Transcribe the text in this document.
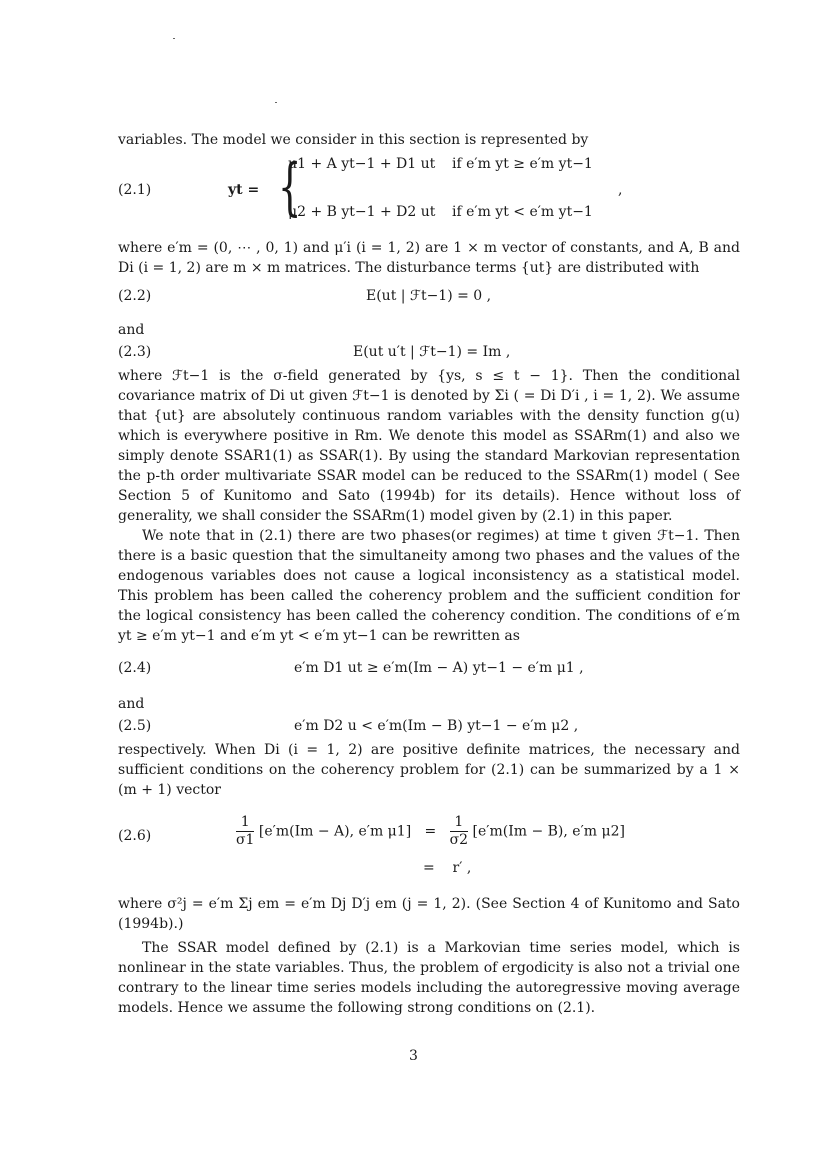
variables. The model we consider in this section is represented by

(2.1)	yt = {
μ1 + A yt−1 + D1 ut if e′m yt ≥ e′m yt−1
μ2 + B yt−1 + D2 ut if e′m yt < e′m yt−1
,

where e′m = (0, ⋯ , 0, 1) and μ′i (i = 1, 2) are 1 × m vector of constants, and A, B and Di (i = 1, 2) are m × m matrices. The disturbance terms {ut} are distributed with

(2.2)	E(ut | ℱt−1) = 0 ,

and

(2.3)	E(ut u′t | ℱt−1) = Im ,

where ℱt−1 is the σ-field generated by {ys, s ≤ t − 1}. Then the conditional covariance matrix of Di ut given ℱt−1 is denoted by Σi ( = Di D′i , i = 1, 2). We assume that {ut} are absolutely continuous random variables with the density function g(u) which is everywhere positive in Rm. We denote this model as SSARm(1) and also we simply denote SSAR1(1) as SSAR(1). By using the standard Markovian representation the p-th order multivariate SSAR model can be reduced to the SSARm(1) model ( See Section 5 of Kunitomo and Sato (1994b) for its details). Hence without loss of generality, we shall consider the SSARm(1) model given by (2.1) in this paper.

We note that in (2.1) there are two phases(or regimes) at time t given ℱt−1. Then there is a basic question that the simultaneity among two phases and the values of the endogenous variables does not cause a logical inconsistency as a statistical model. This problem has been called the coherency problem and the sufficient condition for the logical consistency has been called the coherency condition. The conditions of e′m yt ≥ e′m yt−1 and e′m yt < e′m yt−1 can be rewritten as

(2.4)	e′m D1 ut ≥ e′m(Im − A) yt−1 − e′m μ1 ,

and

(2.5)	e′m D2 u < e′m(Im − B) yt−1 − e′m μ2 ,

respectively. When Di (i = 1, 2) are positive definite matrices, the necessary and sufficient conditions on the coherency problem for (2.1) can be summarized by a 1 × (m + 1) vector

(2.6)	$\frac{1}{\sigma 1} [e'm(Im - A)$, e′m $\mu 1] = \frac{1}{\sigma 2} [e'm(Im - B)$, e′m μ2]
= r′ ,

where σ²j = e′m Σj em = e′m Dj D′j em (j = 1, 2). (See Section 4 of Kunitomo and Sato (1994b).)

The SSAR model defined by (2.1) is a Markovian time series model, which is nonlinear in the state variables. Thus, the problem of ergodicity is also not a trivial one contrary to the linear time series models including the autoregressive moving average models. Hence we assume the following strong conditions on (2.1).

3
